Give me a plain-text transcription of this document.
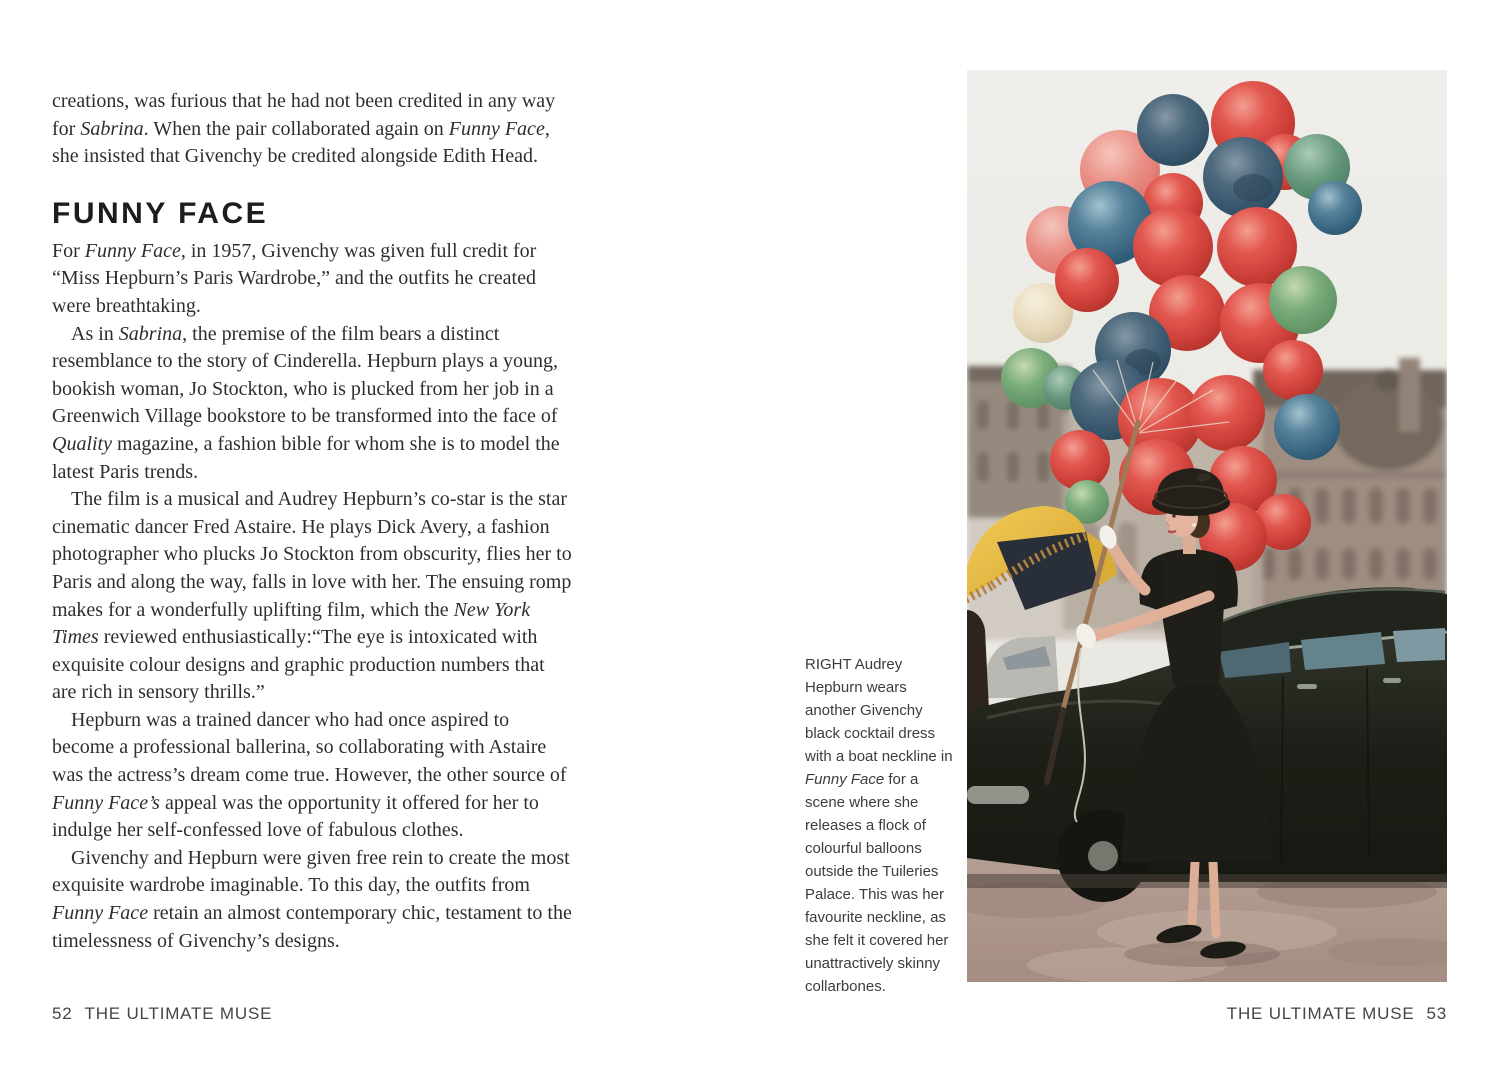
creations, was furious that he had not been credited in any way for Sabrina. When the pair collaborated again on Funny Face, she insisted that Givenchy be credited alongside Edith Head.

FUNNY FACE

For Funny Face, in 1957, Givenchy was given full credit for “Miss Hepburn’s Paris Wardrobe,” and the outfits he created were breathtaking.

As in Sabrina, the premise of the film bears a distinct resemblance to the story of Cinderella. Hepburn plays a young, bookish woman, Jo Stockton, who is plucked from her job in a Greenwich Village bookstore to be transformed into the face of Quality magazine, a fashion bible for whom she is to model the latest Paris trends.

The film is a musical and Audrey Hepburn’s co-star is the star cinematic dancer Fred Astaire. He plays Dick Avery, a fashion photographer who plucks Jo Stockton from obscurity, flies her to Paris and along the way, falls in love with her. The ensuing romp makes for a wonderfully uplifting film, which the New York Times reviewed enthusiastically:“The eye is intoxicated with exquisite colour designs and graphic production numbers that are rich in sensory thrills.”

Hepburn was a trained dancer who had once aspired to become a professional ballerina, so collaborating with Astaire was the actress’s dream come true. However, the other source of Funny Face’s appeal was the opportunity it offered for her to indulge her self-confessed love of fabulous clothes.

Givenchy and Hepburn were given free rein to create the most exquisite wardrobe imaginable. To this day, the outfits from Funny Face retain an almost contemporary chic, testament to the timelessness of Givenchy’s designs.

RIGHT Audrey Hepburn wears another Givenchy black cocktail dress with a boat neckline in Funny Face for a scene where she releases a flock of colourful balloons outside the Tuileries Palace. This was her favourite neckline, as she felt it covered her unattractively skinny collarbones.
52 THE ULTIMATE MUSE	THE ULTIMATE MUSE 53
